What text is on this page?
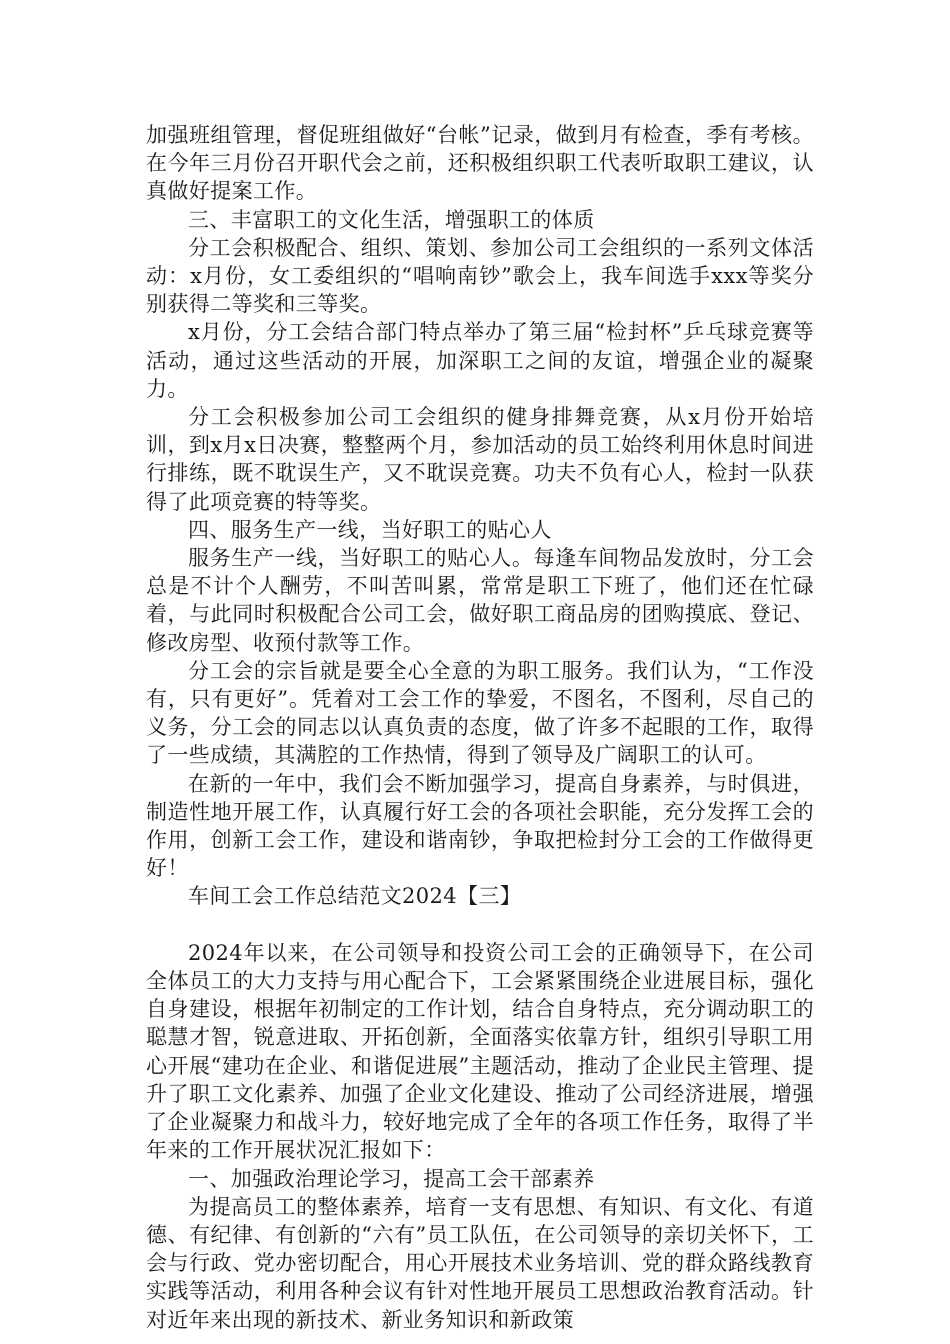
加强班组管理，督促班组做好“台帐”记录，做到月有检查，季有考核。在今年三月份召开职代会之前，还积极组织职工代表听取职工建议，认真做好提案工作。

三、丰富职工的文化生活，增强职工的体质

分工会积极配合、组织、策划、参加公司工会组织的一系列文体活动：x月份，女工委组织的“唱响南钞”歌会上，我车间选手xxx等奖分别获得二等奖和三等奖。

x月份，分工会结合部门特点举办了第三届“检封杯”乒乓球竞赛等活动，通过这些活动的开展，加深职工之间的友谊，增强企业的凝聚力。

分工会积极参加公司工会组织的健身排舞竞赛，从x月份开始培训，到x月x日决赛，整整两个月，参加活动的员工始终利用休息时间进行排练，既不耽误生产，又不耽误竞赛。功夫不负有心人，检封一队获得了此项竞赛的特等奖。

四、服务生产一线，当好职工的贴心人

服务生产一线，当好职工的贴心人。每逢车间物品发放时，分工会总是不计个人酬劳，不叫苦叫累，常常是职工下班了，他们还在忙碌着，与此同时积极配合公司工会，做好职工商品房的团购摸底、登记、修改房型、收预付款等工作。

分工会的宗旨就是要全心全意的为职工服务。我们认为，“工作没有，只有更好”。凭着对工会工作的挚爱，不图名，不图利，尽自己的义务，分工会的同志以认真负责的态度，做了许多不起眼的工作，取得了一些成绩，其满腔的工作热情，得到了领导及广阔职工的认可。

在新的一年中，我们会不断加强学习，提高自身素养，与时俱进，制造性地开展工作，认真履行好工会的各项社会职能，充分发挥工会的作用，创新工会工作，建设和谐南钞，争取把检封分工会的工作做得更好！

车间工会工作总结范文2024【三】

2024年以来，在公司领导和投资公司工会的正确领导下，在公司全体员工的大力支持与用心配合下，工会紧紧围绕企业进展目标，强化自身建设，根据年初制定的工作计划，结合自身特点，充分调动职工的聪慧才智，锐意进取、开拓创新，全面落实依靠方针，组织引导职工用心开展“建功在企业、和谐促进展”主题活动，推动了企业民主管理、提升了职工文化素养、加强了企业文化建设、推动了公司经济进展，增强了企业凝聚力和战斗力，较好地完成了全年的各项工作任务，取得了半年来的工作开展状况汇报如下：

一、加强政治理论学习，提高工会干部素养

为提高员工的整体素养，培育一支有思想、有知识、有文化、有道德、有纪律、有创新的“六有”员工队伍，在公司领导的亲切关怀下，工会与行政、党办密切配合，用心开展技术业务培训、党的群众路线教育实践等活动，利用各种会议有针对性地开展员工思想政治教育活动。针对近年来出现的新技术、新业务知识和新政策
